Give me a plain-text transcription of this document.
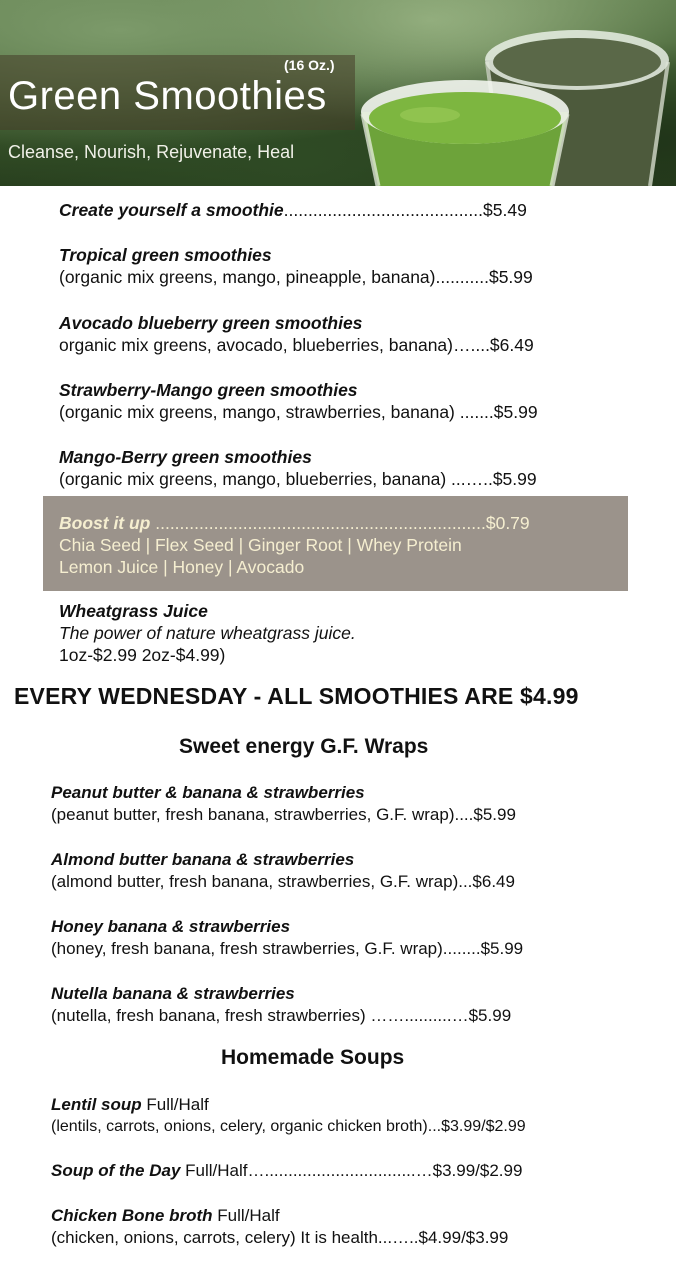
(16 Oz.)
Green Smoothies
Cleanse, Nourish, Rejuvenate, Heal
Create yourself a smoothie.........................................$5.49
Tropical green smoothies
(organic mix greens, mango, pineapple, banana)...........$5.99
Avocado blueberry green smoothies
organic mix greens, avocado, blueberries, banana)…....$6.49
Strawberry-Mango green smoothies
(organic mix greens, mango, strawberries, banana) .......$5.99
Mango-Berry green smoothies
(organic mix greens, mango, blueberries, banana) ...…..$5.99
Boost it up ....................................................................$0.79
Chia Seed | Flex Seed | Ginger Root | Whey Protein
Lemon Juice | Honey | Avocado
Wheatgrass Juice
The power of nature wheatgrass juice.
1oz-$2.99 2oz-$4.99)
EVERY WEDNESDAY - ALL SMOOTHIES ARE $4.99
Sweet energy G.F. Wraps
Peanut butter & banana & strawberries
(peanut butter, fresh banana, strawberries, G.F. wrap)....$5.99
Almond butter banana & strawberries
(almond butter, fresh banana, strawberries, G.F. wrap)...$6.49
Honey banana & strawberries
(honey, fresh banana, fresh strawberries, G.F. wrap)........$5.99
Nutella banana & strawberries
(nutella, fresh banana, fresh strawberries) ……..........…$5.99
Homemade Soups
Lentil soup Full/Half
(lentils, carrots, onions, celery, organic chicken broth)...$3.99/$2.99
Soup of the Day Full/Half…................................…$3.99/$2.99
Chicken Bone broth Full/Half
(chicken, onions, carrots, celery) It is health...…..$4.99/$3.99
